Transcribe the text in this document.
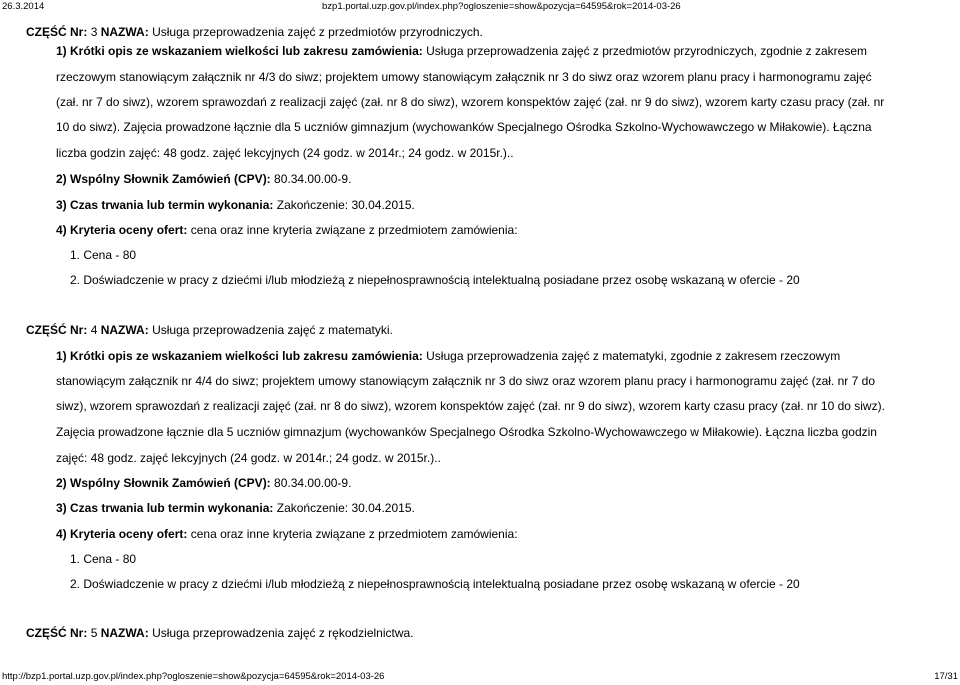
26.3.2014	bzp1.portal.uzp.gov.pl/index.php?ogloszenie=show&pozycja=64595&rok=2014-03-26
CZĘŚĆ Nr: 3 NAZWA: Usługa przeprowadzenia zajęć z przedmiotów przyrodniczych.
1) Krótki opis ze wskazaniem wielkości lub zakresu zamówienia: Usługa przeprowadzenia zajęć z przedmiotów przyrodniczych, zgodnie z zakresem
rzeczowym stanowiącym załącznik nr 4/3 do siwz; projektem umowy stanowiącym załącznik nr 3 do siwz oraz wzorem planu pracy i harmonogramu zajęć
(zał. nr 7 do siwz), wzorem sprawozdań z realizacji zajęć (zał. nr 8 do siwz), wzorem konspektów zajęć (zał. nr 9 do siwz), wzorem karty czasu pracy (zał. nr
10 do siwz). Zajęcia prowadzone łącznie dla 5 uczniów gimnazjum (wychowanków Specjalnego Ośrodka Szkolno-Wychowawczego w Miłakowie). Łączna
liczba godzin zajęć: 48 godz. zajęć lekcyjnych (24 godz. w 2014r.; 24 godz. w 2015r.)..
2) Wspólny Słownik Zamówień (CPV): 80.34.00.00-9.
3) Czas trwania lub termin wykonania: Zakończenie: 30.04.2015.
4) Kryteria oceny ofert: cena oraz inne kryteria związane z przedmiotem zamówienia:
1. Cena - 80
2. Doświadczenie w pracy z dziećmi i/lub młodzieżą z niepełnosprawnością intelektualną posiadane przez osobę wskazaną w ofercie - 20
CZĘŚĆ Nr: 4 NAZWA: Usługa przeprowadzenia zajęć z matematyki.
1) Krótki opis ze wskazaniem wielkości lub zakresu zamówienia: Usługa przeprowadzenia zajęć z matematyki, zgodnie z zakresem rzeczowym
stanowiącym załącznik nr 4/4 do siwz; projektem umowy stanowiącym załącznik nr 3 do siwz oraz wzorem planu pracy i harmonogramu zajęć (zał. nr 7 do
siwz), wzorem sprawozdań z realizacji zajęć (zał. nr 8 do siwz), wzorem konspektów zajęć (zał. nr 9 do siwz), wzorem karty czasu pracy (zał. nr 10 do siwz).
Zajęcia prowadzone łącznie dla 5 uczniów gimnazjum (wychowanków Specjalnego Ośrodka Szkolno-Wychowawczego w Miłakowie). Łączna liczba godzin
zajęć: 48 godz. zajęć lekcyjnych (24 godz. w 2014r.; 24 godz. w 2015r.)..
2) Wspólny Słownik Zamówień (CPV): 80.34.00.00-9.
3) Czas trwania lub termin wykonania: Zakończenie: 30.04.2015.
4) Kryteria oceny ofert: cena oraz inne kryteria związane z przedmiotem zamówienia:
1. Cena - 80
2. Doświadczenie w pracy z dziećmi i/lub młodzieżą z niepełnosprawnością intelektualną posiadane przez osobę wskazaną w ofercie - 20
CZĘŚĆ Nr: 5 NAZWA: Usługa przeprowadzenia zajęć z rękodzielnictwa.
http://bzp1.portal.uzp.gov.pl/index.php?ogloszenie=show&pozycja=64595&rok=2014-03-26	17/31
